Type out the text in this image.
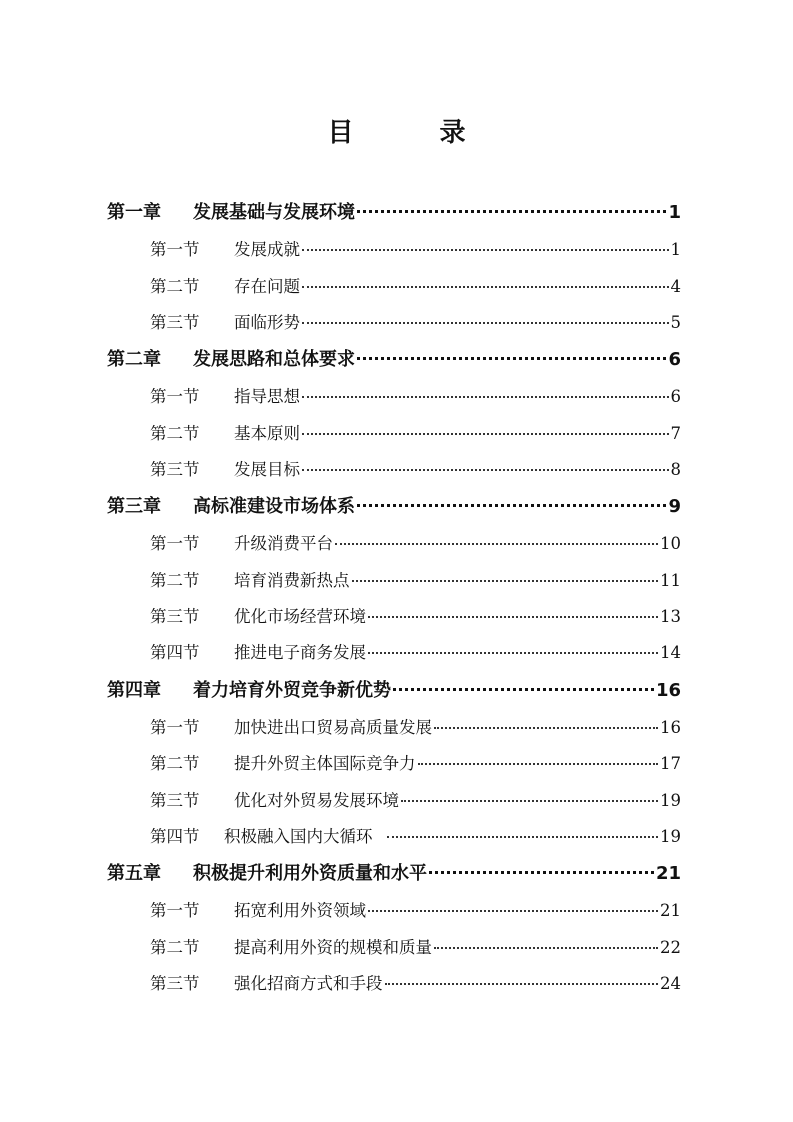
目　录
第一章	发展基础与发展环境	1
第一节	发展成就	1
第二节	存在问题	4
第三节	面临形势	5
第二章	发展思路和总体要求	6
第一节	指导思想	6
第二节	基本原则	7
第三节	发展目标	8
第三章	高标准建设市场体系	9
第一节	升级消费平台	10
第二节	培育消费新热点	11
第三节	优化市场经营环境	13
第四节	推进电子商务发展	14
第四章	着力培育外贸竞争新优势	16
第一节	加快进出口贸易高质量发展	16
第二节	提升外贸主体国际竞争力	17
第三节	优化对外贸易发展环境	19
第四节	积极融入国内大循环	19
第五章	积极提升利用外资质量和水平	21
第一节	拓宽利用外资领域	21
第二节	提高利用外资的规模和质量	22
第三节	强化招商方式和手段	24
